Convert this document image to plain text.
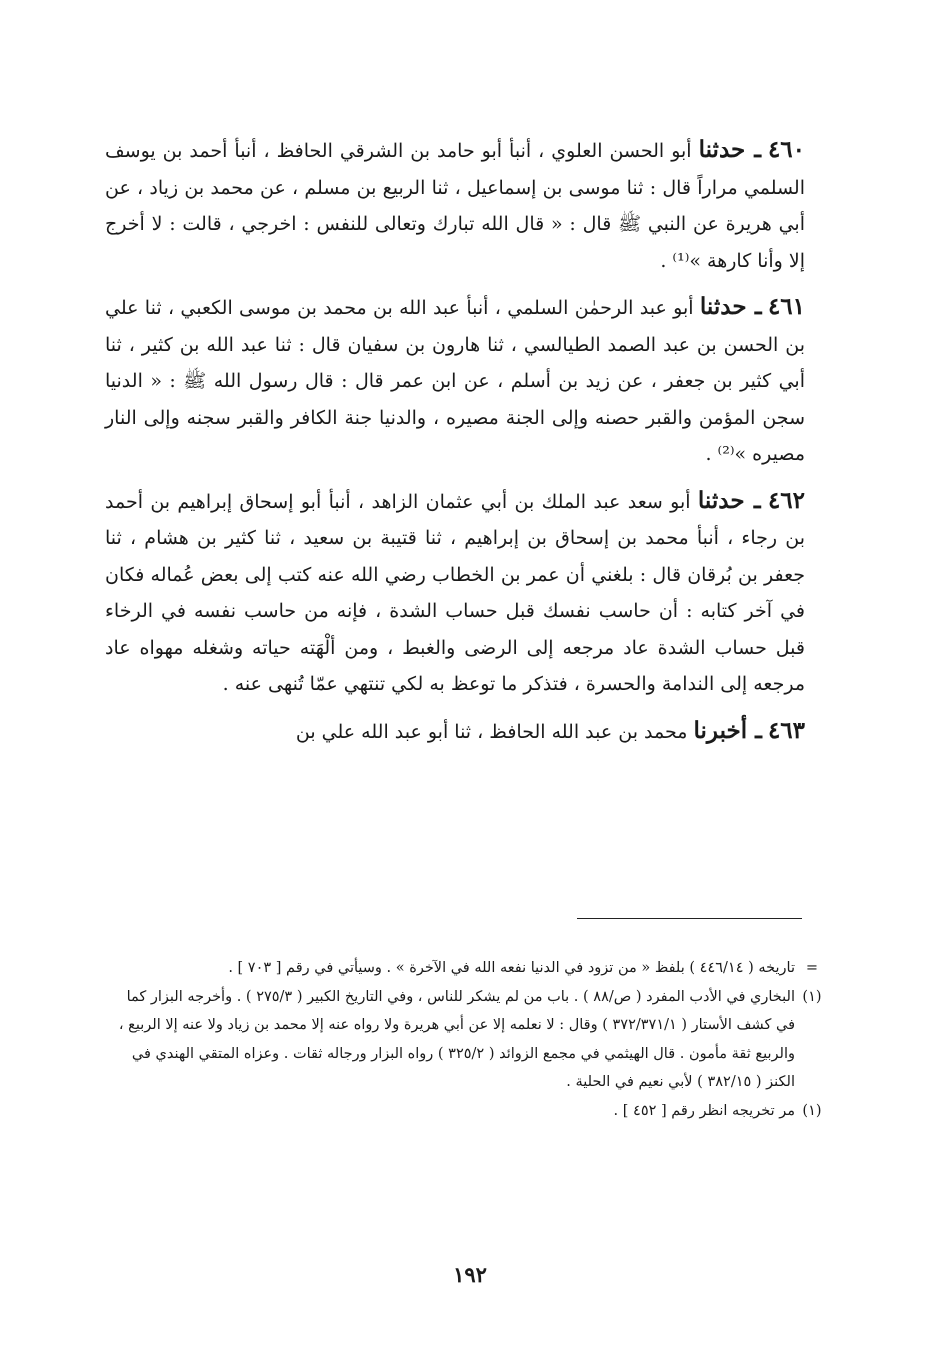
٤٦٠ ـ حدثنا أبو الحسن العلوي ، أنبأ أبو حامد بن الشرقي الحافظ ، أنبأ أحمد بن يوسف السلمي مراراً قال : ثنا موسى بن إسماعيل ، ثنا الربيع بن مسلم ، عن محمد بن زياد ، عن أبي هريرة عن النبي ﷺ قال : « قال الله تبارك وتعالى للنفس : اخرجي ، قالت : لا أخرج إلا وأنا كارهة »⁽¹⁾ .

٤٦١ ـ حدثنا أبو عبد الرحمٰن السلمي ، أنبأ عبد الله بن محمد بن موسى الكعبي ، ثنا علي بن الحسن بن عبد الصمد الطيالسي ، ثنا هارون بن سفيان قال : ثنا عبد الله بن كثير ، ثنا أبي كثير بن جعفر ، عن زيد بن أسلم ، عن ابن عمر قال : قال رسول الله ﷺ : « الدنيا سجن المؤمن والقبر حصنه وإلى الجنة مصيره ، والدنيا جنة الكافر والقبر سجنه وإلى النار مصيره »⁽²⁾ .

٤٦٢ ـ حدثنا أبو سعد عبد الملك بن أبي عثمان الزاهد ، أنبأ أبو إسحاق إبراهيم بن أحمد بن رجاء ، أنبأ محمد بن إسحاق بن إبراهيم ، ثنا قتيبة بن سعيد ، ثنا كثير بن هشام ، ثنا جعفر بن بُرقان قال : بلغني أن عمر بن الخطاب رضي الله عنه كتب إلى بعض عُماله فكان في آخر كتابه : أن حاسب نفسك قبل حساب الشدة ، فإنه من حاسب نفسه في الرخاء قبل حساب الشدة عاد مرجعه إلى الرضى والغبط ، ومن ألْهَته حياته وشغله مهواه عاد مرجعه إلى الندامة والحسرة ، فتذكر ما توعظ به لكي تنتهي عمّا تُنهى عنه .

٤٦٣ ـ أخبرنا محمد بن عبد الله الحافظ ، ثنا أبو عبد الله علي بن

=
تاريخه ( ٤٤٦/١٤ ) بلفظ « من تزود في الدنيا نفعه الله في الآخرة » . وسيأتي في رقم [ ٧٠٣ ] .

(١)
البخاري في الأدب المفرد ( ص/٨٨ ) . باب من لم يشكر للناس ، وفي التاريخ الكبير ( ٢٧٥/٣ ) . وأخرجه البزار كما في كشف الأستار ( ٣٧٢/٣٧١/١ ) وقال : لا نعلمه إلا عن أبي هريرة ولا رواه عنه إلا محمد بن زياد ولا عنه إلا الربيع ، والربيع ثقة مأمون . قال الهيثمي في مجمع الزوائد ( ٣٢٥/٢ ) رواه البزار ورجاله ثقات . وعزاه المتقي الهندي في الكنز ( ٣٨٢/١٥ ) لأبي نعيم في الحلية .

(١)
مر تخريجه انظر رقم [ ٤٥٢ ] .

١٩٢
